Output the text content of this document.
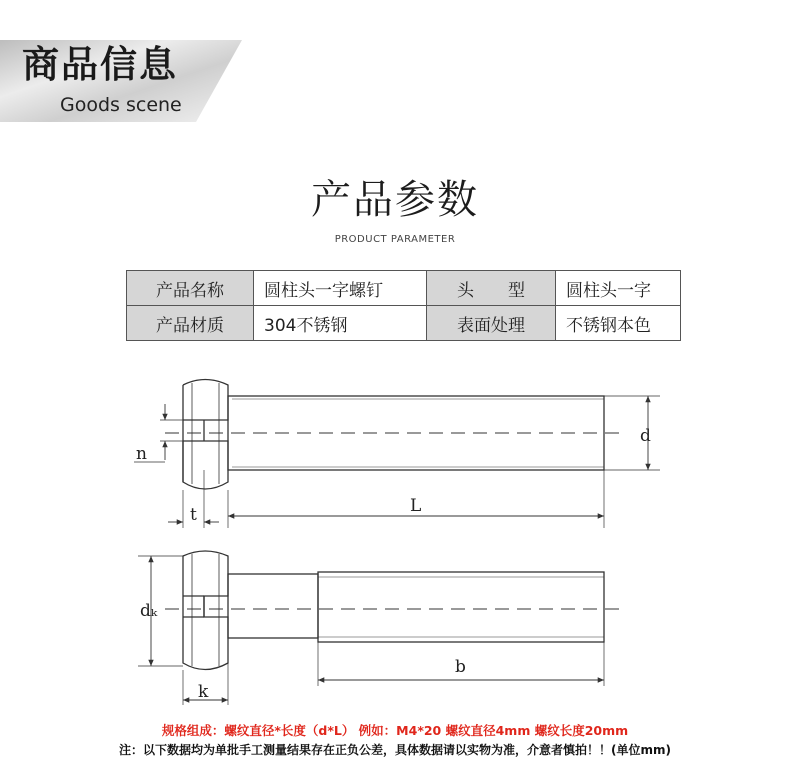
商品信息
Goods scene
产品参数
PRODUCT PARAMETER
产品名称	圆柱头一字螺钉	头　　型	圆柱头一字
产品材质	304不锈钢	表面处理	不锈钢本色
n
t
d
L
dₖ
k
b
规格组成：螺纹直径*长度（d*L） 例如：M4*20 螺纹直径4mm 螺纹长度20mm
注：以下数据均为单批手工测量结果存在正负公差，具体数据请以实物为准，介意者慎拍！！(单位mm)
